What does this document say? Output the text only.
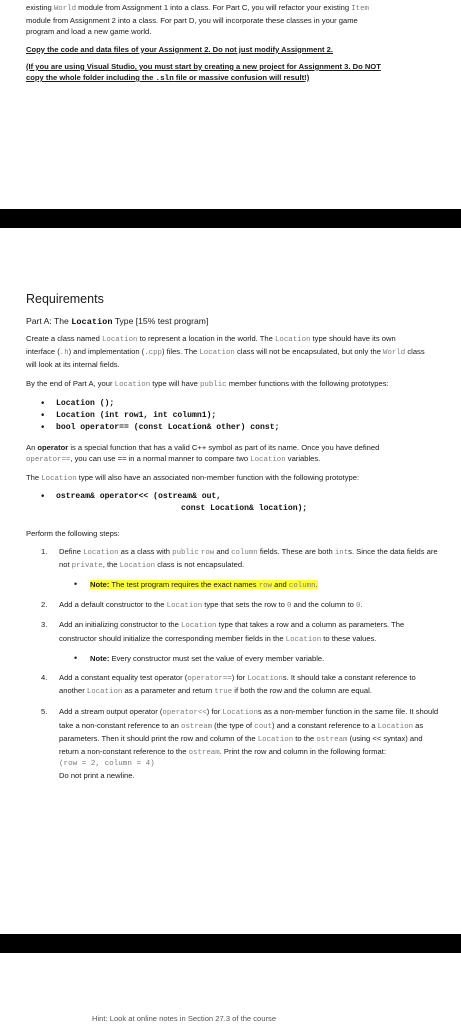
existing World module from Assignment 1 into a class. For Part C, you will refactor your existing Item

module from Assignment 2 into a class. For part D, you will incorporate these classes in your game

program and load a new game world.

Copy the code and data files of your Assignment 2. Do not just modify Assignment 2.

(If you are using Visual Studio, you must start by creating a new project for Assignment 3. Do NOT

copy the whole folder including the .sln file or massive confusion will result!)

Requirements
Part A: The Location Type [15% test program]

Create a class named Location to represent a location in the world. The Location type should have its own interface (.h) and implementation (.cpp) files. The Location class will not be encapsulated, but only the World class will look at its internal fields.

By the end of Part A, your Location type will have public member functions with the following prototypes:

• Location ();

• Location (int row1, int column1);

• bool operator== (const Location& other) const;

An operator is a special function that has a valid C++ symbol as part of its name. Once you have defined operator==, you can use == in a normal manner to compare two Location variables.

The Location type will also have an associated non-member function with the following prototype:

• ostream& operator<< (ostream& out,

const Location& location);

Perform the following steps:

1. Define Location as a class with public row and column fields. These are both ints. Since the data fields are not private, the Location class is not encapsulated.

• Note: The test program requires the exact names row and column.

2. Add a default constructor to the Location type that sets the row to 0 and the column to 0.

3. Add an initializing constructor to the Location type that takes a row and a column as parameters. The constructor should initialize the corresponding member fields in the Location to these values.

• Note: Every constructor must set the value of every member variable.

4. Add a constant equality test operator (operator==) for Locations. It should take a constant reference to another Location as a parameter and return true if both the row and the column are equal.

5. Add a stream output operator (operator<<) for Locations as a non-member function in the same file. It should take a non-constant reference to an ostream (the type of cout) and a constant reference to a Location as parameters. Then it should print the row and column of the Location to the ostream (using << syntax) and return a non-constant reference to the ostream. Print the row and column in the following format:

(row = 2, column = 4)

Do not print a newline.

Hint: Look at online notes in Section 27.3 of the course
